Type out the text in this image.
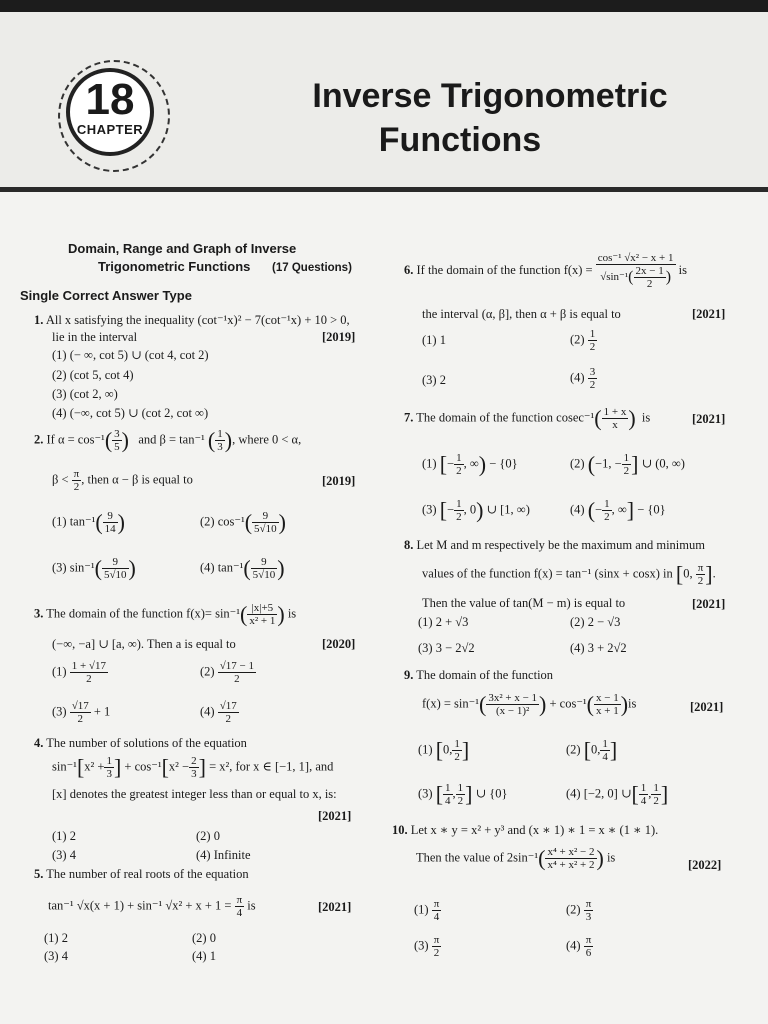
18
CHAPTER
Inverse Trigonometric

Functions
Domain, Range and Graph of Inverse
Trigonometric Functions (17 Questions)
Single Correct Answer Type
1. All x satisfying the inequality (cot⁻¹x)² − 7(cot⁻¹x) + 10 > 0,
lie in the interval	[2019]
(1) (− ∞, cot 5) ∪ (cot 4, cot 2)
(2) (cot 5, cot 4)
(3) (cot 2, ∞)
(4) (−∞, cot 5) ∪ (cot 2, cot ∞)
2. If $\alpha = \cos^{-1}( \frac{3}{5}$ ) and β = tan⁻¹ ( $\frac{1}{3}$ ), where 0 < α,
$\beta < \frac{\pi}{2}$ , then α − β is equal to	[2019]
(1) $\tan^{-1}( \frac{9}{14}$ )	(2) $\cos^{-1}( \frac{9}{5√10}$ )
(3) $\sin^{-1}( \frac{9}{5√10}$ )	(4) $\tan^{-1}( \frac{9}{5√10}$ )
3. The domain of the function $f(x)= \sin^{-1}( \frac{|x|+5}{\text{x² + 1}}$ ) is
(−∞, −a] ∪ [a, ∞). Then a is equal to	[2020]
$(1) \frac{1 + √17}{2}$	$(2) \frac{√17 - 1}{2}$
$(3) \frac{√17}{2} + 1$	$(4) \frac{√17}{2}$
4. The number of solutions of the equation
$\sin^{-1}[x^2 + \frac{1}{3}$ ] + $\cos^{-1}[x^2 - \frac{2}{3}$ ] = x², for x ∈ [−1, 1], and
[x] denotes the greatest integer less than or equal to x, is:
[2021]
(1) 2	(2) 0
(3) 4	(4) Infinite
5. The number of real roots of the equation
tan⁻¹ √x(x + 1) + sin⁻¹ $√x^2 + x + 1 = \frac{\pi}{4}$ is	[2021]
(1) 2	(2) 0
(3) 4	(4) 1
6. If the domain of the function $f(x) = \frac{\text{cos⁻¹ √x² − x + 1}}{√\sin^{-1}( \frac{2x - 1}{2} )}$ is
the interval (α, β], then α + β is equal to	[2021]
(1) 1	$(2) \frac{1}{2}$
(3) 2	$(4) \frac{3}{2}$
7. The domain of the function $cosec^{-1}( \frac{1 + x}{x}$ ) is	[2021]
(1) [− $\frac{1}{2}$ , ∞) − {0}	(2) (−1, − $\frac{1}{2}$ ] ∪ (0, ∞)
(3) [− $\frac{1}{2}$ , 0) ∪ [1, ∞)	(4) (− $\frac{1}{2}$ , ∞] − {0}
8. Let M and m respectively be the maximum and minimum
values of the function f(x) = tan⁻¹ (sinx + cosx) in [0, $\frac{\pi}{2}$ ].
Then the value of tan(M − m) is equal to	[2021]
(1) 2 + √3	(2) 2 − √3
(3) 3 − 2√2	(4) 3 + 2√2
9. The domain of the function
$f(x) = \sin^{-1}( \frac{\text{3x² + x − 1}}{\text{(x − 1)²}}$ ) + $\cos^{-1}( \frac{x - 1}{x + 1} )is$	[2021]
(1) [0, $\frac{1}{2}$ ]	(2) [0, $\frac{1}{4}$ ]
(3) [ $\frac{1}{4}$ , $\frac{1}{2}$ ] ∪ {0}	(4) [−2, 0] ∪[ $\frac{1}{4}$ , $\frac{1}{2}$ ]
10. Let x ∗ y = x² + y³ and (x ∗ 1) ∗ 1 = x ∗ (1 ∗ 1).
Then the value of $2\sin^{-1}( \frac{\text{x⁴ + x² − 2}}{\text{x⁴ + x² + 2}}$ ) is
[2022]
$(1) \frac{\pi}{4}$	$(2) \frac{\pi}{3}$
$(3) \frac{\pi}{2}$	$(4) \frac{\pi}{6}$
